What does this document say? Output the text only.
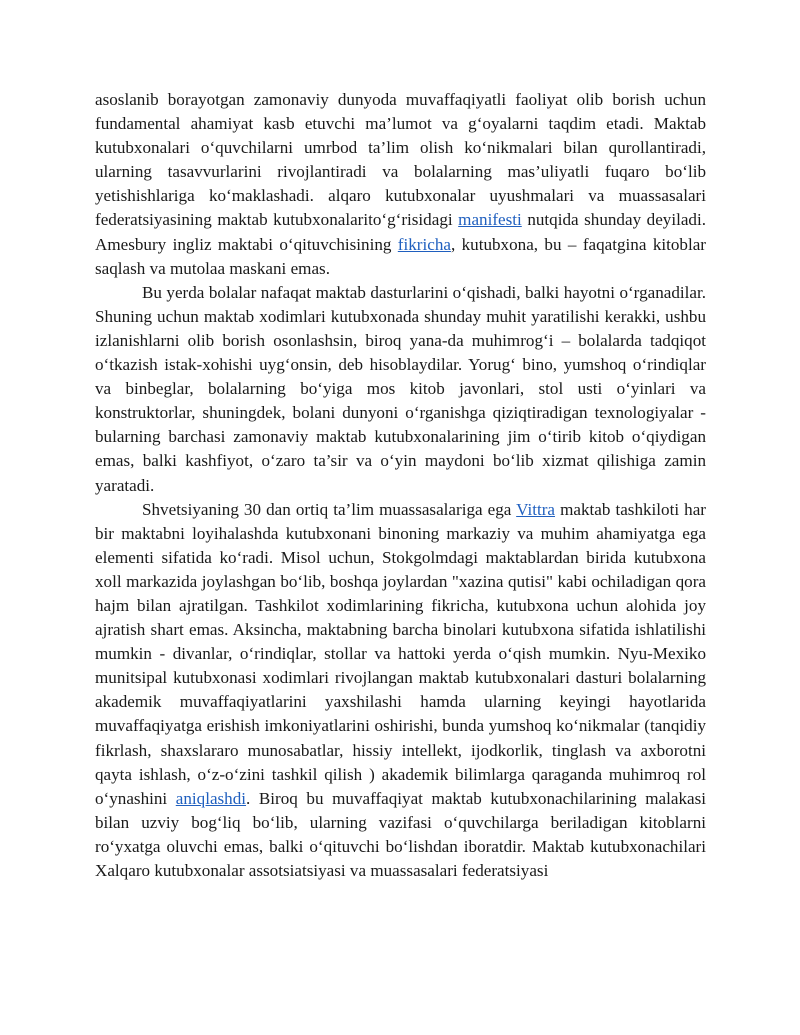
asoslanib borayotgan zamonaviy dunyoda muvaffaqiyatli faoliyat olib borish uchun fundamental ahamiyat kasb etuvchi ma’lumot va g‘oyalarni taqdim etadi. Maktab kutubxonalari o‘quvchilarni umrbod ta’lim olish ko‘nikmalari bilan qurollantiradi, ularning tasavvurlarini rivojlantiradi va bolalarning mas’uliyatli fuqaro bo‘lib yetishishlariga ko‘maklashadi. alqaro kutubxonalar uyushmalari va muassasalari federatsiyasining maktab kutubxonalarito‘g‘risidagi manifesti nutqida shunday deyiladi. Amesbury ingliz maktabi o‘qituvchisining fikricha, kutubxona, bu – faqatgina kitoblar saqlash va mutolaa maskani emas.

Bu yerda bolalar nafaqat maktab dasturlarini o‘qishadi, balki hayotni o‘rganadilar. Shuning uchun maktab xodimlari kutubxonada shunday muhit yaratilishi kerakki, ushbu izlanishlarni olib borish osonlashsin, biroq yana-da muhimrog‘i – bolalarda tadqiqot o‘tkazish istak-xohishi uyg‘onsin, deb hisoblaydilar. Yorug‘ bino, yumshoq o‘rindiqlar va binbeglar, bolalarning bo‘yiga mos kitob javonlari, stol usti o‘yinlari va konstruktorlar, shuningdek, bolani dunyoni o‘rganishga qiziqtiradigan texnologiyalar - bularning barchasi zamonaviy maktab kutubxonalarining jim o‘tirib kitob o‘qiydigan emas, balki kashfiyot, o‘zaro ta’sir va o‘yin maydoni bo‘lib xizmat qilishiga zamin yaratadi.

Shvetsiyaning 30 dan ortiq ta’lim muassasalariga ega Vittra maktab tashkiloti har bir maktabni loyihalashda kutubxonani binoning markaziy va muhim ahamiyatga ega elementi sifatida ko‘radi. Misol uchun, Stokgolmdagi maktablardan birida kutubxona xoll markazida joylashgan bo‘lib, boshqa joylardan "xazina qutisi" kabi ochiladigan qora hajm bilan ajratilgan. Tashkilot xodimlarining fikricha, kutubxona uchun alohida joy ajratish shart emas. Aksincha, maktabning barcha binolari kutubxona sifatida ishlatilishi mumkin - divanlar, o‘rindiqlar, stollar va hattoki yerda o‘qish mumkin. Nyu-Mexiko munitsipal kutubxonasi xodimlari rivojlangan maktab kutubxonalari dasturi bolalarning akademik muvaffaqiyatlarini yaxshilashi hamda ularning keyingi hayotlarida muvaffaqiyatga erishish imkoniyatlarini oshirishi, bunda yumshoq ko‘nikmalar (tanqidiy fikrlash, shaxslararo munosabatlar, hissiy intellekt, ijodkorlik, tinglash va axborotni qayta ishlash, o‘z-o‘zini tashkil qilish ) akademik bilimlarga qaraganda muhimroq rol o‘ynashini aniqlashdi. Biroq bu muvaffaqiyat maktab kutubxonachilarining malakasi bilan uzviy bog‘liq bo‘lib, ularning vazifasi o‘quvchilarga beriladigan kitoblarni ro‘yxatga oluvchi emas, balki o‘qituvchi bo‘lishdan iboratdir. Maktab kutubxonachilari Xalqaro kutubxonalar assotsiatsiyasi va muassasalari federatsiyasi
